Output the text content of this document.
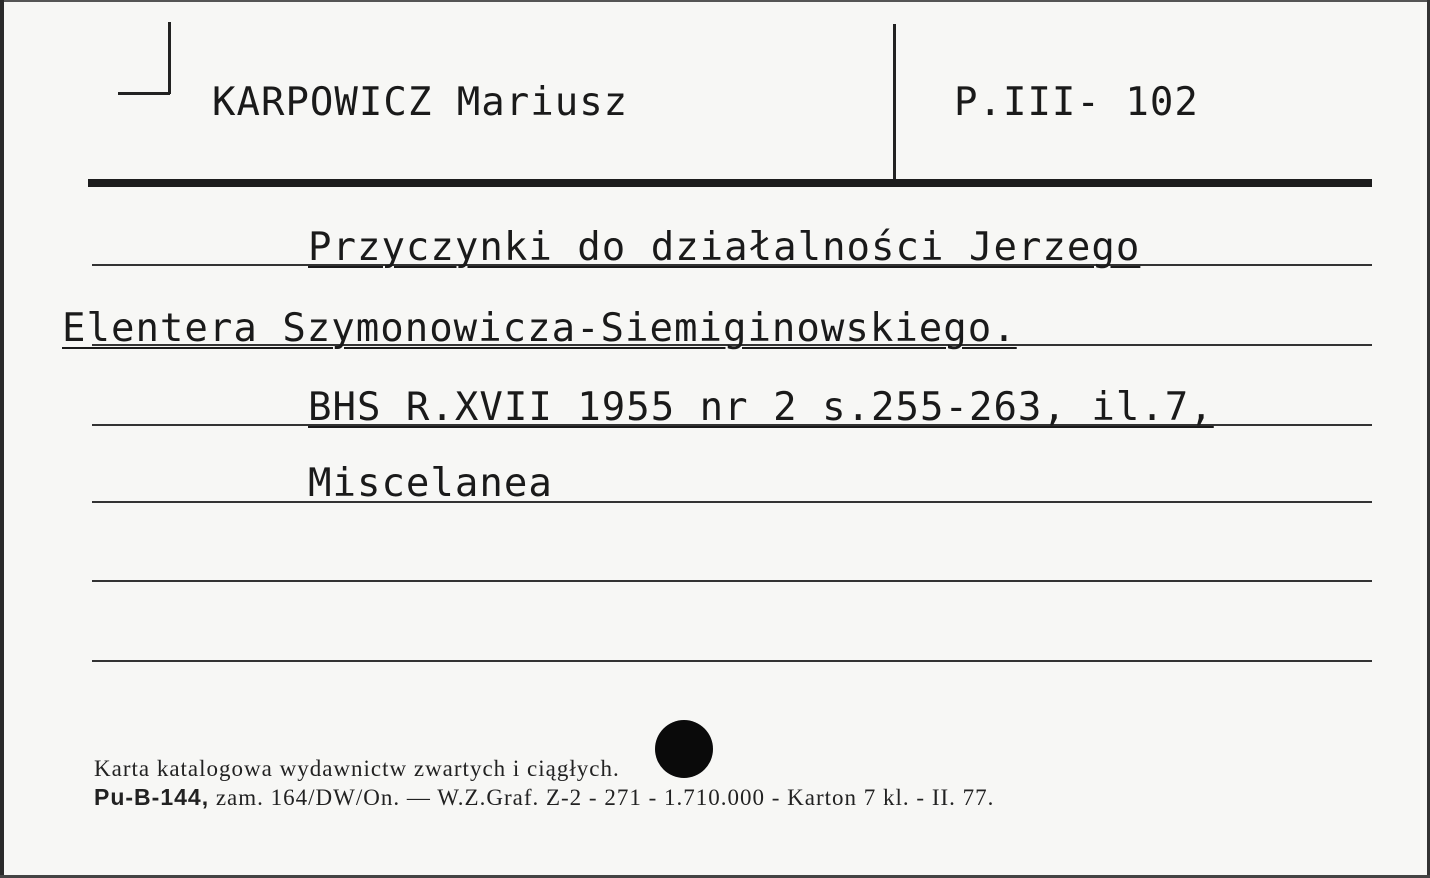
KARPOWICZ Mariusz	P.III- 102
Przyczynki do działalności Jerzego
Elentera Szymonowicza-Siemiginowskiego.
BHS R.XVII 1955 nr 2 s.255-263, il.7,
Miscelanea
Karta katalogowa wydawnictw zwartych i ciągłych.
Pu-B-144, zam. 164/DW/On. — W.Z.Graf. Z-2 - 271 - 1.710.000 - Karton 7 kl. - II. 77.
